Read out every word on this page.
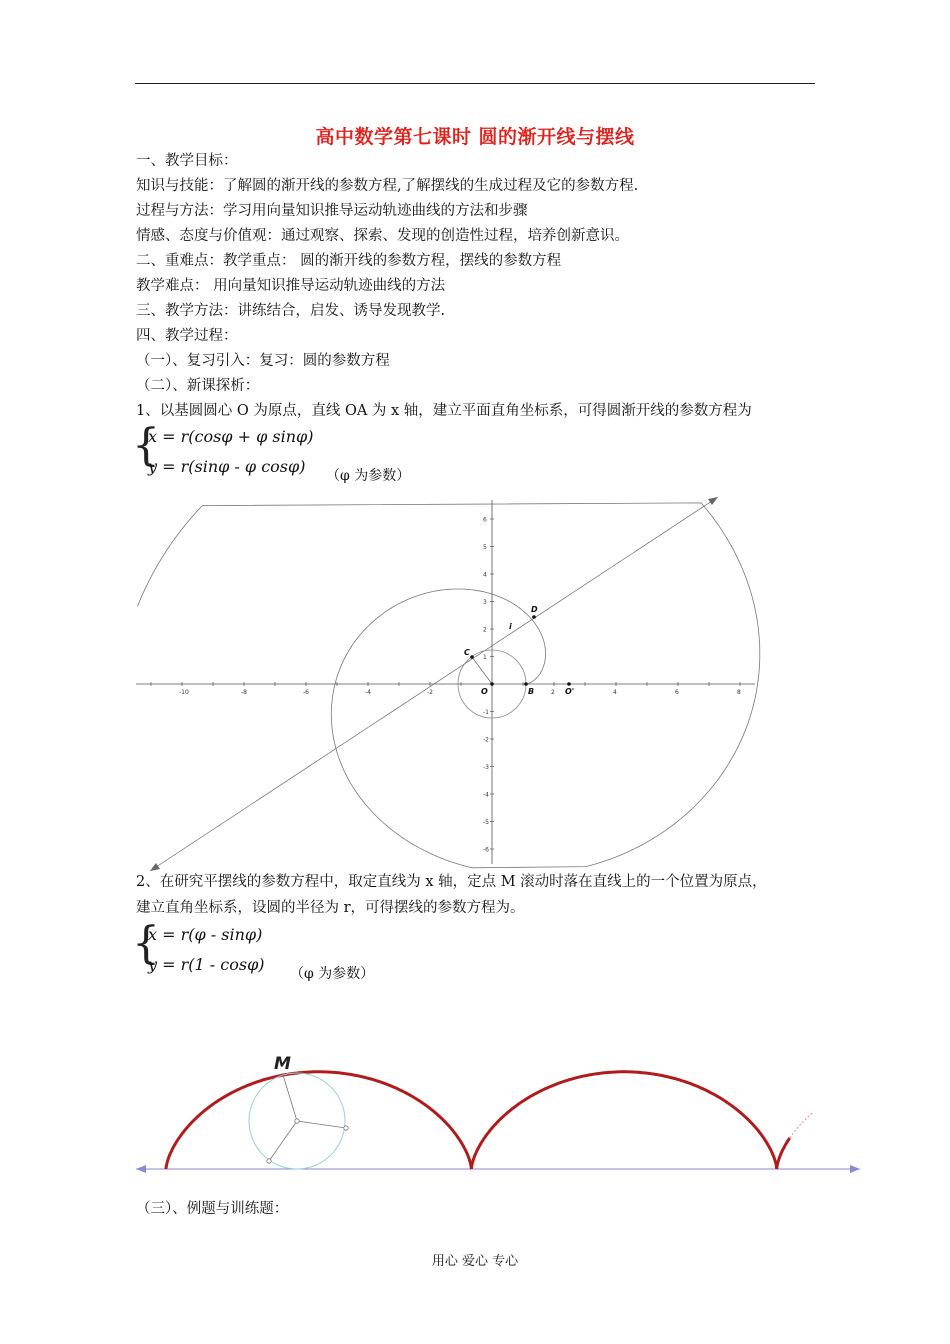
高中数学第七课时 圆的渐开线与摆线
一、教学目标：
知识与技能：了解圆的渐开线的参数方程,了解摆线的生成过程及它的参数方程.
过程与方法：学习用向量知识推导运动轨迹曲线的方法和步骤
情感、态度与价值观：通过观察、探索、发现的创造性过程，培养创新意识。
二、重难点：教学重点： 圆的渐开线的参数方程，摆线的参数方程
教学难点： 用向量知识推导运动轨迹曲线的方法
三、教学方法：讲练结合，启发、诱导发现教学.
四、教学过程：
（一）、复习引入：复习：圆的参数方程
（二）、新课探析：
1、以基圆圆心 O 为原点，直线 OA 为 x 轴，建立平面直角坐标系，可得圆渐开线的参数方程为
{
x = r(cosφ + φ sinφ)
y = r(sinφ - φ cosφ) （φ 为参数）
6
5
4
3
2
1
-1
-2
-3
-4
-5
-6
-10	-8	-6	-4	-2	2	4	6	8
O	B	O'
C
D
i
2、在研究平摆线的参数方程中，取定直线为 x 轴，定点 M 滚动时落在直线上的一个位置为原点，
建立直角坐标系，设圆的半径为 r，可得摆线的参数方程为。
{
x = r(φ - sinφ)
y = r(1 - cosφ) （φ 为参数）
M
（三）、例题与训练题：
用心 爱心 专心
